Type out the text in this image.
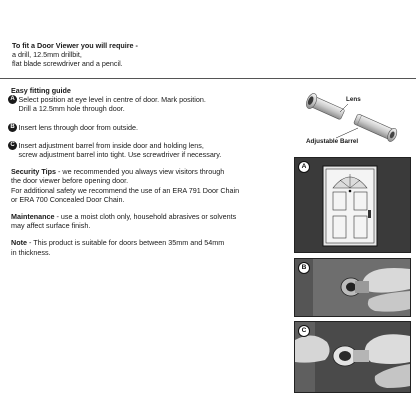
To fit a Door Viewer you will require -
a drill, 12.5mm drillbit,
flat blade screwdriver and a pencil.
Easy fitting guide
A Select position at eye level in centre of door. Mark position.
Drill a 12.5mm hole through door.
B Insert lens through door from outside.
C Insert adjustment barrel from inside door and holding lens,
screw adjustment barrel into tight. Use screwdriver if necessary.
Security Tips - we recommended you always view visitors through
the door viewer before opening door.
For additional safety we recommend the use of an ERA 791 Door Chain
or ERA 700 Concealed Door Chain.
Maintenance - use a moist cloth only, household abrasives or solvents
may affect surface finish.
Note - This product is suitable for doors between 35mm and 54mm
in thickness.
Lens
Adjustable Barrel
A
B
C
